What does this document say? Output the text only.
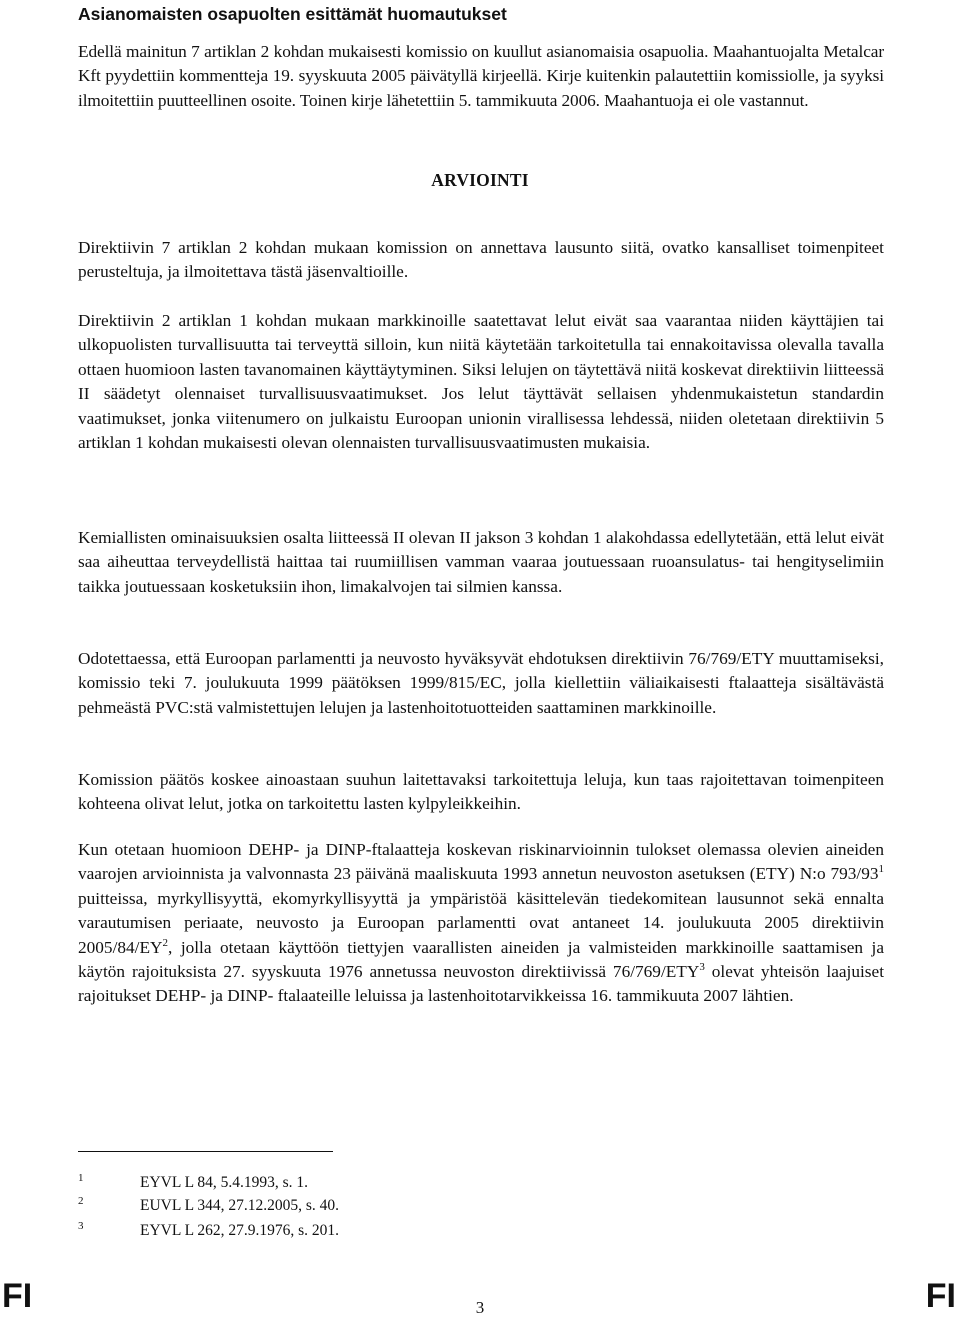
Asianomaisten osapuolten esittämät huomautukset

Edellä mainitun 7 artiklan 2 kohdan mukaisesti komissio on kuullut asianomaisia osapuolia. Maahantuojalta Metalcar Kft pyydettiin kommentteja 19. syyskuuta 2005 päivätyllä kirjeellä. Kirje kuitenkin palautettiin komissiolle, ja syyksi ilmoitettiin puutteellinen osoite. Toinen kirje lähetettiin 5. tammikuuta 2006. Maahantuoja ei ole vastannut.

ARVIOINTI

Direktiivin 7 artiklan 2 kohdan mukaan komission on annettava lausunto siitä, ovatko kansalliset toimenpiteet perusteltuja, ja ilmoitettava tästä jäsenvaltioille.

Direktiivin 2 artiklan 1 kohdan mukaan markkinoille saatettavat lelut eivät saa vaarantaa niiden käyttäjien tai ulkopuolisten turvallisuutta tai terveyttä silloin, kun niitä käytetään tarkoitetulla tai ennakoitavissa olevalla tavalla ottaen huomioon lasten tavanomainen käyttäytyminen. Siksi lelujen on täytettävä niitä koskevat direktiivin liitteessä II säädetyt olennaiset turvallisuusvaatimukset. Jos lelut täyttävät sellaisen yhdenmukaistetun standardin vaatimukset, jonka viitenumero on julkaistu Euroopan unionin virallisessa lehdessä, niiden oletetaan direktiivin 5 artiklan 1 kohdan mukaisesti olevan olennaisten turvallisuusvaatimusten mukaisia.

Kemiallisten ominaisuuksien osalta liitteessä II olevan II jakson 3 kohdan 1 alakohdassa edellytetään, että lelut eivät saa aiheuttaa terveydellistä haittaa tai ruumiillisen vamman vaaraa joutuessaan ruoansulatus- tai hengityselimiin taikka joutuessaan kosketuksiin ihon, limakalvojen tai silmien kanssa.

Odotettaessa, että Euroopan parlamentti ja neuvosto hyväksyvät ehdotuksen direktiivin 76/769/ETY muuttamiseksi, komissio teki 7. joulukuuta 1999 päätöksen 1999/815/EC, jolla kiellettiin väliaikaisesti ftalaatteja sisältävästä pehmeästä PVC:stä valmistettujen lelujen ja lastenhoitotuotteiden saattaminen markkinoille.

Komission päätös koskee ainoastaan suuhun laitettavaksi tarkoitettuja leluja, kun taas rajoitettavan toimenpiteen kohteena olivat lelut, jotka on tarkoitettu lasten kylpyleikkeihin.

Kun otetaan huomioon DEHP- ja DINP-ftalaatteja koskevan riskinarvioinnin tulokset olemassa olevien aineiden vaarojen arvioinnista ja valvonnasta 23 päivänä maaliskuuta 1993 annetun neuvoston asetuksen (ETY) N:o $793/93^1$ puitteissa, myrkyllisyyttä, ekomyrkyllisyyttä ja ympäristöä käsittelevän tiedekomitean lausunnot sekä ennalta varautumisen periaate, neuvosto ja Euroopan parlamentti ovat antaneet 14. joulukuuta 2005 direktiivin $2005/84/EY^2$, jolla otetaan käyttöön tiettyjen vaarallisten aineiden ja valmisteiden markkinoille saattamisen ja käytön rajoituksista 27. syyskuuta 1976 annetussa neuvoston direktiivissä 76/769/ETY$^3$ olevat yhteisön laajuiset rajoitukset DEHP- ja DINP- ftalaateille leluissa ja lastenhoitotarvikkeissa 16. tammikuuta 2007 lähtien.

1	EYVL L 84, 5.4.1993, s. 1.
2	EUVL L 344, 27.12.2005, s. 40.
3	EYVL L 262, 27.9.1976, s. 201.
FI	3	FI
